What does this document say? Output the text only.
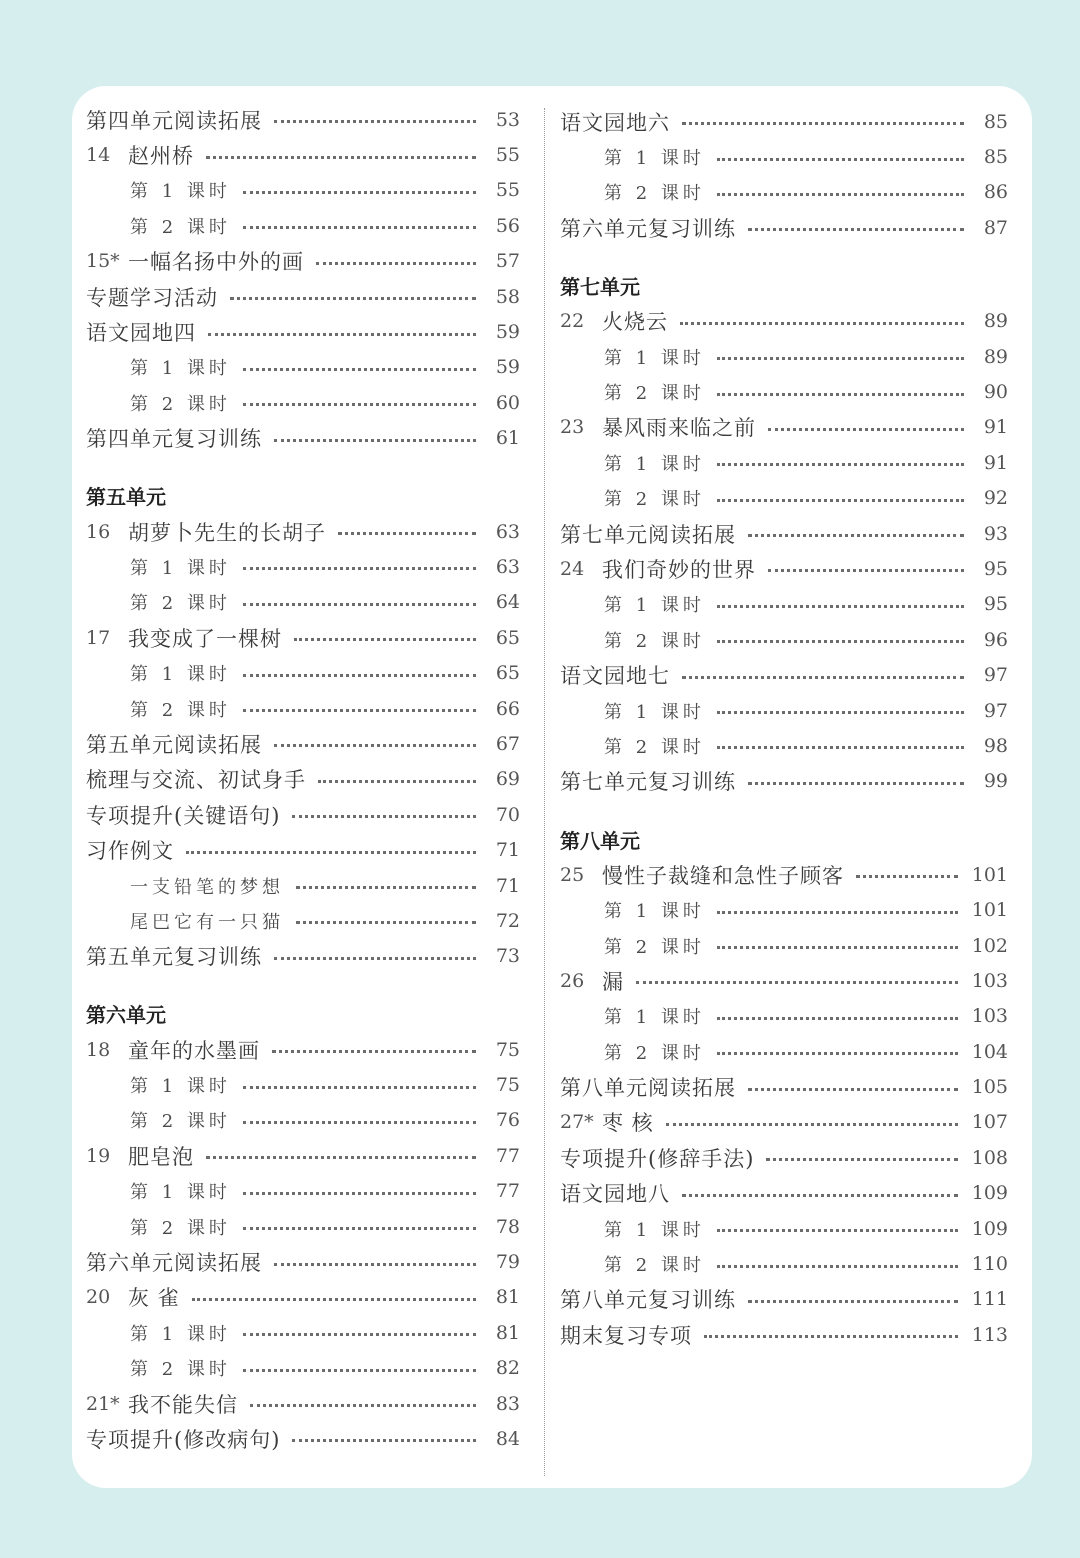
第四单元阅读拓展	53
14 赵州桥	55
第 1 课时	55
第 2 课时	56
15* 一幅名扬中外的画	57
专题学习活动	58
语文园地四	59
第 1 课时	59
第 2 课时	60
第四单元复习训练	61
第五单元
16 胡萝卜先生的长胡子	63
第 1 课时	63
第 2 课时	64
17 我变成了一棵树	65
第 1 课时	65
第 2 课时	66
第五单元阅读拓展	67
梳理与交流、初试身手	69
专项提升(关键语句)	70
习作例文	71
一支铅笔的梦想	71
尾巴它有一只猫	72
第五单元复习训练	73
第六单元
18 童年的水墨画	75
第 1 课时	75
第 2 课时	76
19 肥皂泡	77
第 1 课时	77
第 2 课时	78
第六单元阅读拓展	79
20 灰 雀	81
第 1 课时	81
第 2 课时	82
21* 我不能失信	83
专项提升(修改病句)	84
语文园地六	85
第 1 课时	85
第 2 课时	86
第六单元复习训练	87
第七单元
22 火烧云	89
第 1 课时	89
第 2 课时	90
23 暴风雨来临之前	91
第 1 课时	91
第 2 课时	92
第七单元阅读拓展	93
24 我们奇妙的世界	95
第 1 课时	95
第 2 课时	96
语文园地七	97
第 1 课时	97
第 2 课时	98
第七单元复习训练	99
第八单元
25 慢性子裁缝和急性子顾客	101
第 1 课时	101
第 2 课时	102
26 漏	103
第 1 课时	103
第 2 课时	104
第八单元阅读拓展	105
27* 枣 核	107
专项提升(修辞手法)	108
语文园地八	109
第 1 课时	109
第 2 课时	110
第八单元复习训练	111
期末复习专项	113
